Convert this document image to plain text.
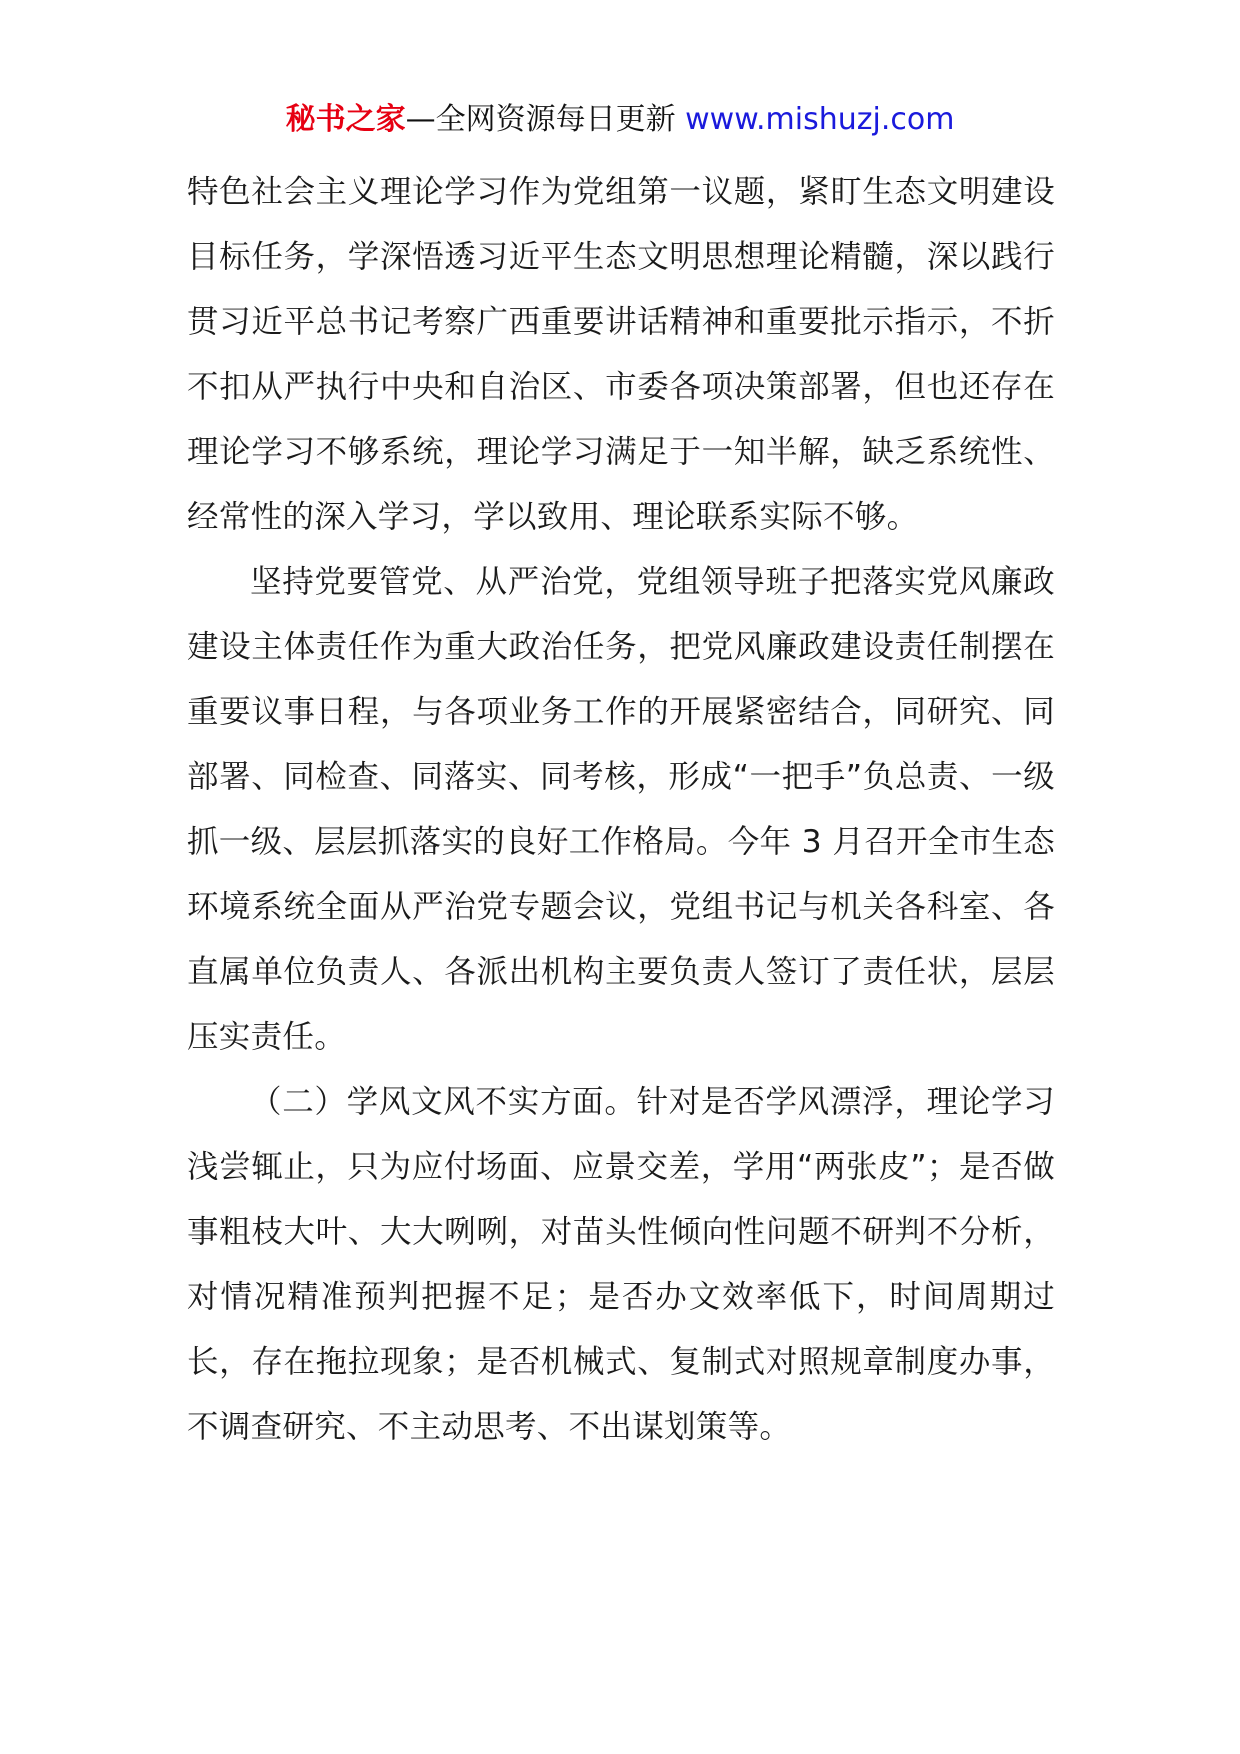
秘书之家—全网资源每日更新 www.mishuzj.com

特色社会主义理论学习作为党组第一议题，紧盯生态文明建设目标任务，学深悟透习近平生态文明思想理论精髓，深以践行贯习近平总书记考察广西重要讲话精神和重要批示指示，不折不扣从严执行中央和自治区、市委各项决策部署，但也还存在理论学习不够系统，理论学习满足于一知半解，缺乏系统性、经常性的深入学习，学以致用、理论联系实际不够。

坚持党要管党、从严治党，党组领导班子把落实党风廉政建设主体责任作为重大政治任务，把党风廉政建设责任制摆在重要议事日程，与各项业务工作的开展紧密结合，同研究、同部署、同检查、同落实、同考核，形成“一把手”负总责、一级抓一级、层层抓落实的良好工作格局。今年 3 月召开全市生态环境系统全面从严治党专题会议，党组书记与机关各科室、各直属单位负责人、各派出机构主要负责人签订了责任状，层层压实责任。

（二）学风文风不实方面。针对是否学风漂浮，理论学习浅尝辄止，只为应付场面、应景交差，学用“两张皮”；是否做事粗枝大叶、大大咧咧，对苗头性倾向性问题不研判不分析，对情况精准预判把握不足；是否办文效率低下，时间周期过长，存在拖拉现象；是否机械式、复制式对照规章制度办事，不调查研究、不主动思考、不出谋划策等。
